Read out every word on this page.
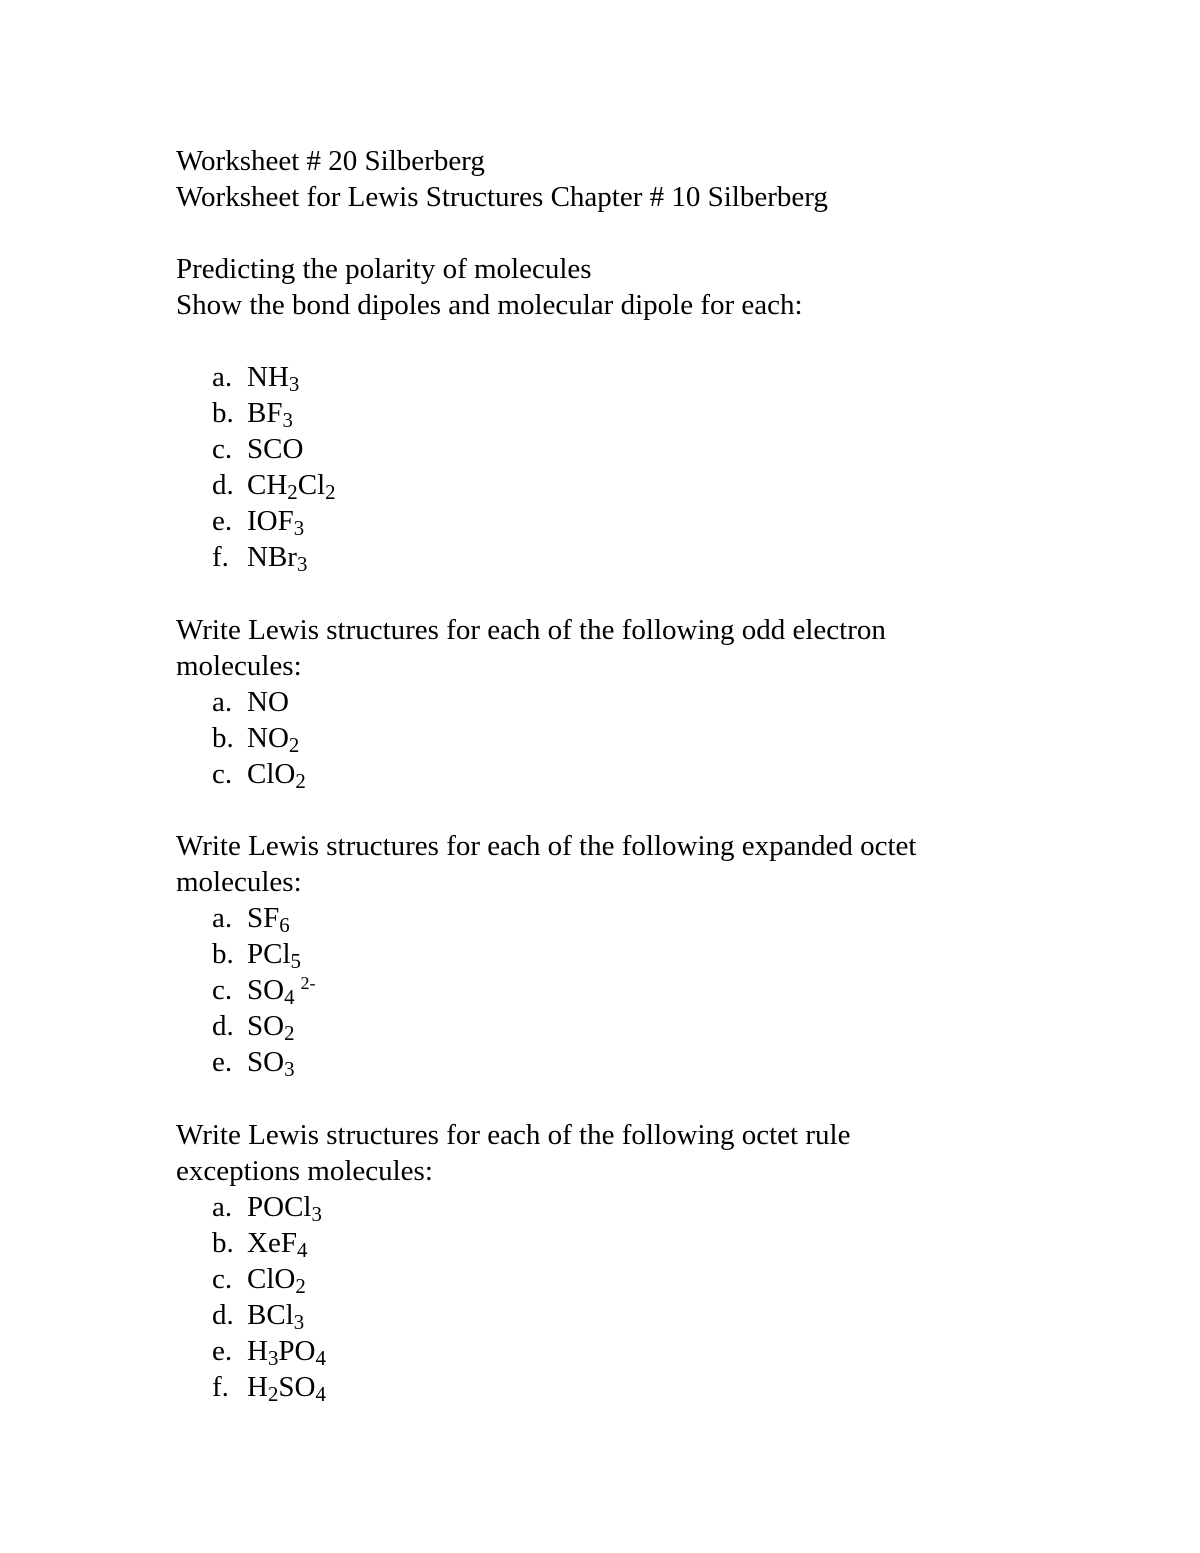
Worksheet # 20 Silberberg
Worksheet for Lewis Structures Chapter # 10 Silberberg
Predicting the polarity of molecules
Show the bond dipoles and molecular dipole for each:
a. $NH_3$
b. $BF_3$
c. SCO
d. $CH_2Cl_2$
e. $IOF_3$
f. NBr$_3$
Write Lewis structures for each of the following odd electron
molecules:
a. NO
b. $NO_2$
c. ClO$_2$
Write Lewis structures for each of the following expanded octet
molecules:
a. $SF_6$
b. PCl$_5$
c. $SO_4^{2-}$
d. $SO_2$
e. $SO_3$
Write Lewis structures for each of the following octet rule
exceptions molecules:
a. POCl$_3$
b. XeF$_4$
c. ClO$_2$
d. BCl$_3$
e. $H_3PO_4$
f. $H_2SO_4$
